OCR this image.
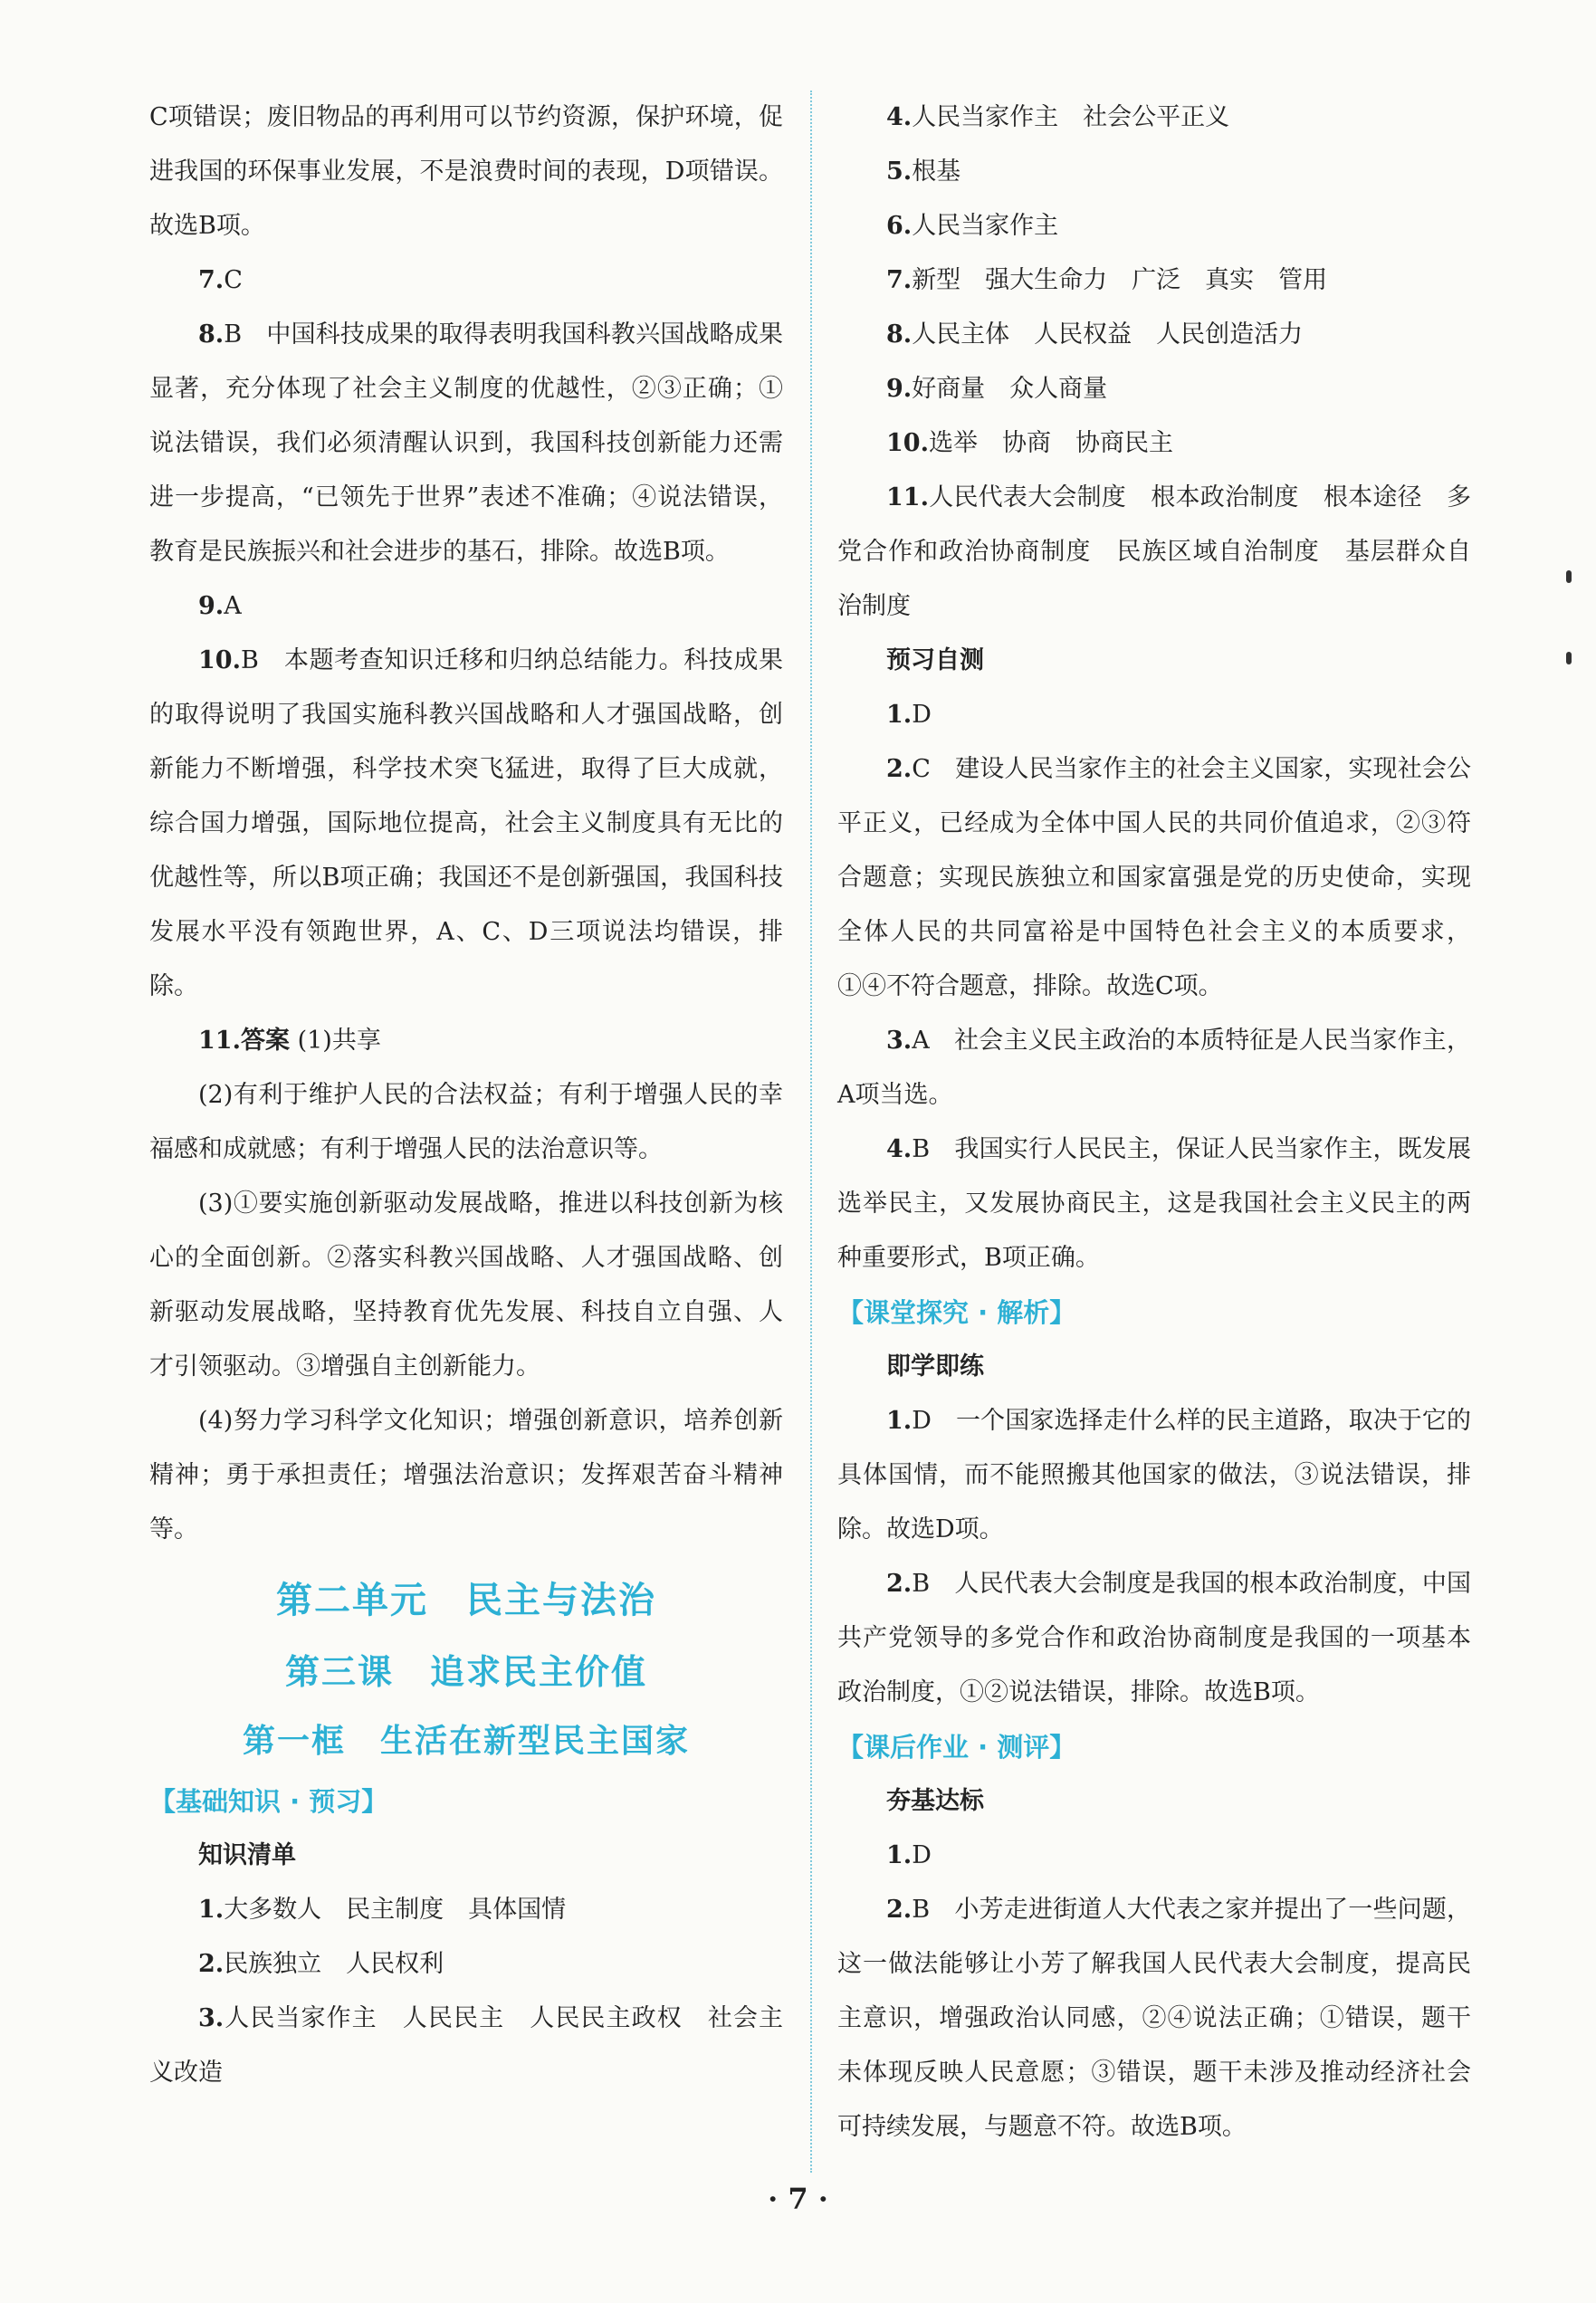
C项错误；废旧物品的再利用可以节约资源，保护环境，促进我国的环保事业发展，不是浪费时间的表现，D项错误。故选B项。

7.C

8.B　中国科技成果的取得表明我国科教兴国战略成果显著，充分体现了社会主义制度的优越性，②③正确；①说法错误，我们必须清醒认识到，我国科技创新能力还需进一步提高，“已领先于世界”表述不准确；④说法错误，教育是民族振兴和社会进步的基石，排除。故选B项。

9.A

10.B　本题考查知识迁移和归纳总结能力。科技成果的取得说明了我国实施科教兴国战略和人才强国战略，创新能力不断增强，科学技术突飞猛进，取得了巨大成就，综合国力增强，国际地位提高，社会主义制度具有无比的优越性等，所以B项正确；我国还不是创新强国，我国科技发展水平没有领跑世界，A、C、D三项说法均错误，排除。

11.答案 (1)共享

(2)有利于维护人民的合法权益；有利于增强人民的幸福感和成就感；有利于增强人民的法治意识等。

(3)①要实施创新驱动发展战略，推进以科技创新为核心的全面创新。②落实科教兴国战略、人才强国战略、创新驱动发展战略，坚持教育优先发展、科技自立自强、人才引领驱动。③增强自主创新能力。

(4)努力学习科学文化知识；增强创新意识，培养创新精神；勇于承担责任；增强法治意识；发挥艰苦奋斗精神等。

第二单元　民主与法治
第三课　追求民主价值
第一框　生活在新型民主国家
【基础知识 · 预习】

知识清单

1.大多数人　民主制度　具体国情

2.民族独立　人民权利

3.人民当家作主　人民民主　人民民主政权　社会主义改造

4.人民当家作主　社会公平正义

5.根基

6.人民当家作主

7.新型　强大生命力　广泛　真实　管用

8.人民主体　人民权益　人民创造活力

9.好商量　众人商量

10.选举　协商　协商民主

11.人民代表大会制度　根本政治制度　根本途径　多党合作和政治协商制度　民族区域自治制度　基层群众自治制度

预习自测

1.D

2.C　建设人民当家作主的社会主义国家，实现社会公平正义，已经成为全体中国人民的共同价值追求，②③符合题意；实现民族独立和国家富强是党的历史使命，实现全体人民的共同富裕是中国特色社会主义的本质要求，①④不符合题意，排除。故选C项。

3.A　社会主义民主政治的本质特征是人民当家作主，A项当选。

4.B　我国实行人民民主，保证人民当家作主，既发展选举民主，又发展协商民主，这是我国社会主义民主的两种重要形式，B项正确。

【课堂探究 · 解析】

即学即练

1.D　一个国家选择走什么样的民主道路，取决于它的具体国情，而不能照搬其他国家的做法，③说法错误，排除。故选D项。

2.B　人民代表大会制度是我国的根本政治制度，中国共产党领导的多党合作和政治协商制度是我国的一项基本政治制度，①②说法错误，排除。故选B项。

【课后作业 · 测评】

夯基达标

1.D

2.B　小芳走进街道人大代表之家并提出了一些问题，这一做法能够让小芳了解我国人民代表大会制度，提高民主意识，增强政治认同感，②④说法正确；①错误，题干未体现反映人民意愿；③错误，题干未涉及推动经济社会可持续发展，与题意不符。故选B项。

· 7 ·
